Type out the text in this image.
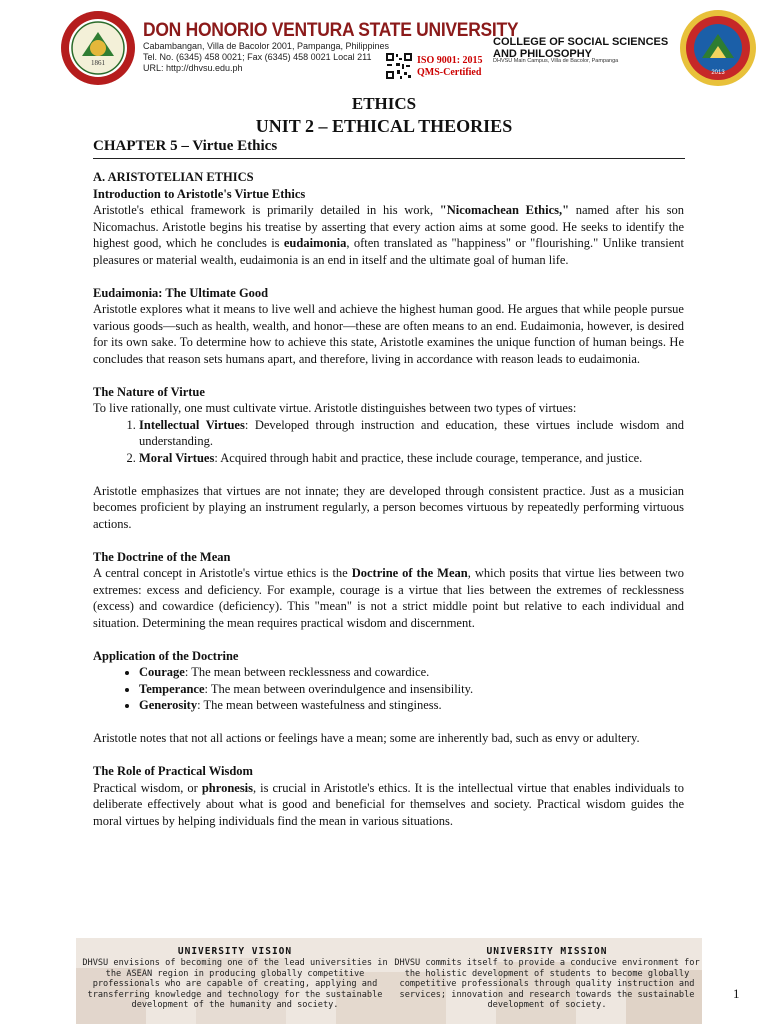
1861
DON HONORIO VENTURA STATE UNIVERSITY
Cabambangan, Villa de Bacolor 2001, Pampanga, Philippines
Tel. No. (6345) 458 0021; Fax (6345) 458 0021 Local 211
URL: http://dhvsu.edu.ph
ISO 9001: 2015
QMS-Certified
COLLEGE OF SOCIAL SCIENCES
AND PHILOSOPHY
DHVSU Main Campus, Villa de Bacolor, Pampanga
2013
ETHICS
UNIT 2 – ETHICAL THEORIES
CHAPTER 5 – Virtue Ethics

A. ARISTOTELIAN ETHICS

Introduction to Aristotle's Virtue Ethics

Aristotle's ethical framework is primarily detailed in his work, "Nicomachean Ethics," named after his son Nicomachus. Aristotle begins his treatise by asserting that every action aims at some good. He seeks to identify the highest good, which he concludes is eudaimonia, often translated as "happiness" or "flourishing." Unlike transient pleasures or material wealth, eudaimonia is an end in itself and the ultimate goal of human life.

Eudaimonia: The Ultimate Good

Aristotle explores what it means to live well and achieve the highest human good. He argues that while people pursue various goods—such as health, wealth, and honor—these are often means to an end. Eudaimonia, however, is desired for its own sake. To determine how to achieve this state, Aristotle examines the unique function of human beings. He concludes that reason sets humans apart, and therefore, living in accordance with reason leads to eudaimonia.

The Nature of Virtue

To live rationally, one must cultivate virtue. Aristotle distinguishes between two types of virtues:

1. Intellectual Virtues: Developed through instruction and education, these virtues include wisdom and understanding.
2. Moral Virtues: Acquired through habit and practice, these include courage, temperance, and justice.

Aristotle emphasizes that virtues are not innate; they are developed through consistent practice. Just as a musician becomes proficient by playing an instrument regularly, a person becomes virtuous by repeatedly performing virtuous actions.

The Doctrine of the Mean

A central concept in Aristotle's virtue ethics is the Doctrine of the Mean, which posits that virtue lies between two extremes: excess and deficiency. For example, courage is a virtue that lies between the extremes of recklessness (excess) and cowardice (deficiency). This "mean" is not a strict middle point but relative to each individual and situation. Determining the mean requires practical wisdom and discernment.

Application of the Doctrine

• Courage: The mean between recklessness and cowardice.
• Temperance: The mean between overindulgence and insensibility.
• Generosity: The mean between wastefulness and stinginess.

Aristotle notes that not all actions or feelings have a mean; some are inherently bad, such as envy or adultery.

The Role of Practical Wisdom

Practical wisdom, or phronesis, is crucial in Aristotle's ethics. It is the intellectual virtue that enables individuals to deliberate effectively about what is good and beneficial for themselves and society. Practical wisdom guides the moral virtues by helping individuals find the mean in various situations.

UNIVERSITY VISION
DHVSU envisions of becoming one of the lead universities in the ASEAN region in producing globally competitive professionals who are capable of creating, applying and transferring knowledge and technology for the sustainable development of the humanity and society.
UNIVERSITY MISSION
DHVSU commits itself to provide a conducive environment for the holistic development of students to become globally competitive professionals through quality instruction and services; innovation and research towards the sustainable development of society.
1
